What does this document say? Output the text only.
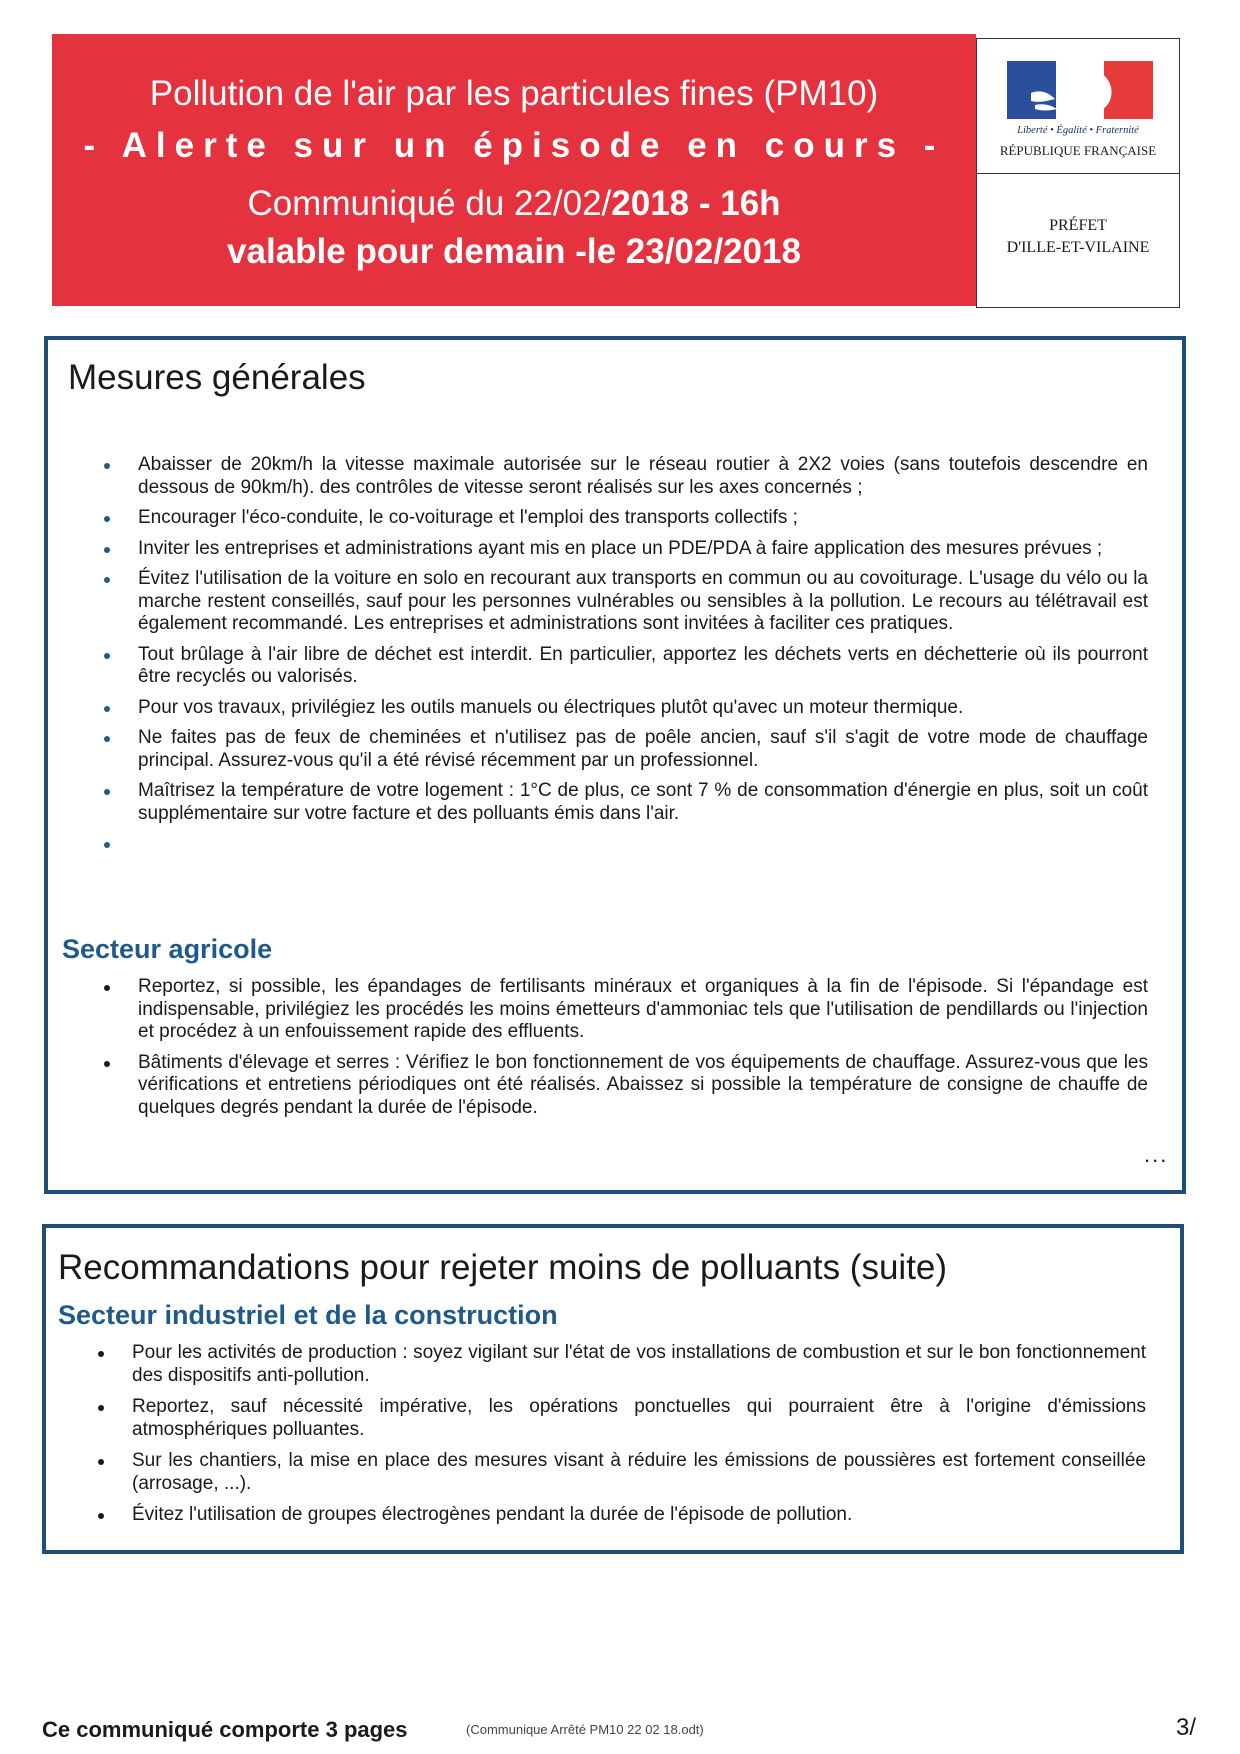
Pollution de l'air par les particules fines (PM10)
- Alerte sur un épisode en cours -
Communiqué du 22/02/2018 - 16h
valable pour demain -le 23/02/2018
Liberté • Égalité • Fraternité
RÉPUBLIQUE FRANÇAISE
PRÉFET
D'ILLE-ET-VILAINE
Mesures générales
Abaisser de 20km/h la vitesse maximale autorisée sur le réseau routier à 2X2 voies (sans toutefois descendre en dessous de 90km/h). des contrôles de vitesse seront réalisés sur les axes concernés ;
Encourager l'éco-conduite, le co-voiturage et l'emploi des transports collectifs ;
Inviter les entreprises et administrations ayant mis en place un PDE/PDA à faire application des mesures prévues ;
Évitez l'utilisation de la voiture en solo en recourant aux transports en commun ou au covoiturage. L'usage du vélo ou la marche restent conseillés, sauf pour les personnes vulnérables ou sensibles à la pollution. Le recours au télétravail est également recommandé. Les entreprises et administrations sont invitées à faciliter ces pratiques.
Tout brûlage à l'air libre de déchet est interdit. En particulier, apportez les déchets verts en déchetterie où ils pourront être recyclés ou valorisés.
Pour vos travaux, privilégiez les outils manuels ou électriques plutôt qu'avec un moteur thermique.
Ne faites pas de feux de cheminées et n'utilisez pas de poêle ancien, sauf s'il s'agit de votre mode de chauffage principal. Assurez-vous qu'il a été révisé récemment par un professionnel.
Maîtrisez la température de votre logement : 1°C de plus, ce sont 7 % de consommation d'énergie en plus, soit un coût supplémentaire sur votre facture et des polluants émis dans l'air.
Secteur agricole
Reportez, si possible, les épandages de fertilisants minéraux et organiques à la fin de l'épisode. Si l'épandage est indispensable, privilégiez les procédés les moins émetteurs d'ammoniac tels que l'utilisation de pendillards ou l'injection et procédez à un enfouissement rapide des effluents.
Bâtiments d'élevage et serres : Vérifiez le bon fonctionnement de vos équipements de chauffage. Assurez-vous que les vérifications et entretiens périodiques ont été réalisés. Abaissez si possible la température de consigne de chauffe de quelques degrés pendant la durée de l'épisode.
...
Recommandations pour rejeter moins de polluants (suite)
Secteur industriel et de la construction
Pour les activités de production : soyez vigilant sur l'état de vos installations de combustion et sur le bon fonctionnement des dispositifs anti-pollution.
Reportez, sauf nécessité impérative, les opérations ponctuelles qui pourraient être à l'origine d'émissions atmosphériques polluantes.
Sur les chantiers, la mise en place des mesures visant à réduire les émissions de poussières est fortement conseillée (arrosage, ...).
Évitez l'utilisation de groupes électrogènes pendant la durée de l'épisode de pollution.
Ce communiqué comporte 3 pages	(Communique Arrêté PM10 22 02 18.odt)	3/
